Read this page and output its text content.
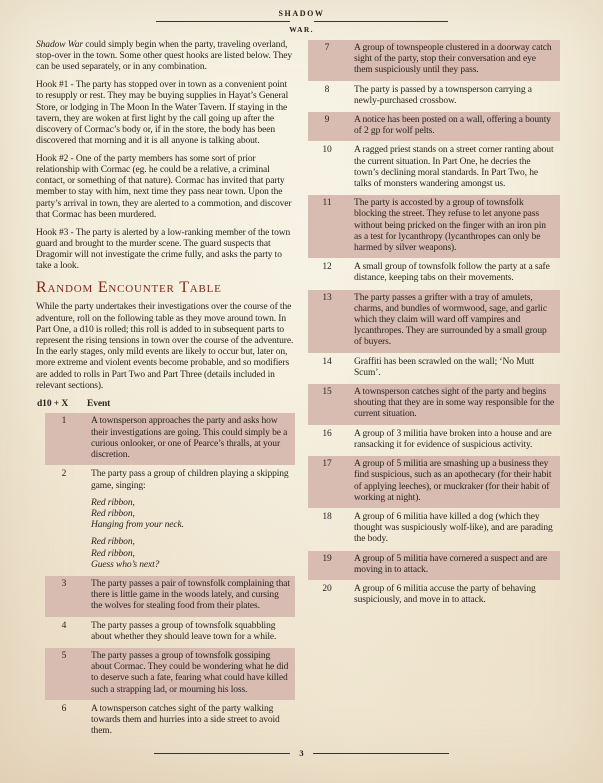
SHADOW
WAR.

Shadow War could simply begin when the party, traveling overland, stop-over in the town. Some other quest hooks are listed below. They can be used separately, or in any combination.

Hook #1 - The party has stopped over in town as a convenient point to resupply or rest. They may be buying supplies in Hayat’s General Store, or lodging in The Moon In the Water Tavern. If staying in the tavern, they are woken at first light by the call going up after the discovery of Cormac’s body or, if in the store, the body has been discovered that morning and it is all anyone is talking about.

Hook #2 - One of the party members has some sort of prior relationship with Cormac (eg. he could be a relative, a criminal contact, or something of that nature). Cormac has invited that party member to stay with him, next time they pass near town. Upon the party’s arrival in town, they are alerted to a commotion, and discover that Cormac has been murdered.

Hook #3 - The party is alerted by a low-ranking member of the town guard and brought to the murder scene. The guard suspects that Dragomir will not investigate the crime fully, and asks the party to take a look.

Random Encounter Table

While the party undertakes their investigations over the course of the adventure, roll on the following table as they move around town. In Part One, a d10 is rolled; this roll is added to in subsequent parts to represent the rising tensions in town over the course of the adventure. In the early stages, only mild events are likely to occur but, later on, more extreme and violent events become probable, and so modifiers are added to rolls in Part Two and Part Three (details included in relevant sections).

d10 + X	Event
1	A townsperson approaches the party and asks how their investigations are going. This could simply be a curious onlooker, or one of Pearce’s thralls, at your discretion.
2	The party pass a group of children playing a skipping game, singing:
Red ribbon,
Red ribbon,
Hanging from your neck.
Red ribbon,
Red ribbon,
Guess who’s next?
3	The party passes a pair of townsfolk complaining that there is little game in the woods lately, and cursing the wolves for stealing food from their plates.
4	The party passes a group of townsfolk squabbling about whether they should leave town for a while.
5	The party passes a group of townsfolk gossiping about Cormac. They could be wondering what he did to deserve such a fate, fearing what could have killed such a strapping lad, or mourning his loss.
6	A townsperson catches sight of the party walking towards them and hurries into a side street to avoid them.
7	A group of townspeople clustered in a doorway catch sight of the party, stop their conversation and eye them suspiciously until they pass.
8	The party is passed by a townsperson carrying a newly-purchased crossbow.
9	A notice has been posted on a wall, offering a bounty of 2 gp for wolf pelts.
10	A ragged priest stands on a street corner ranting about the current situation. In Part One, he decries the town’s declining moral standards. In Part Two, he talks of monsters wandering amongst us.
11	The party is accosted by a group of townsfolk blocking the street. They refuse to let anyone pass without being pricked on the finger with an iron pin as a test for lycanthropy (lycanthropes can only be harmed by silver weapons).
12	A small group of townsfolk follow the party at a safe distance, keeping tabs on their movements.
13	The party passes a grifter with a tray of amulets, charms, and bundles of wormwood, sage, and garlic which they claim will ward off vampires and lycanthropes. They are surrounded by a small group of buyers.
14	Graffiti has been scrawled on the wall; ‘No Mutt Scum’.
15	A townsperson catches sight of the party and begins shouting that they are in some way responsible for the current situation.
16	A group of 3 militia have broken into a house and are ransacking it for evidence of suspicious activity.
17	A group of 5 militia are smashing up a business they find suspicious, such as an apothecary (for their habit of applying leeches), or muckraker (for their habit of working at night).
18	A group of 6 militia have killed a dog (which they thought was suspiciously wolf-like), and are parading the body.
19	A group of 5 militia have cornered a suspect and are moving in to attack.
20	A group of 6 militia accuse the party of behaving suspiciously, and move in to attack.
3
